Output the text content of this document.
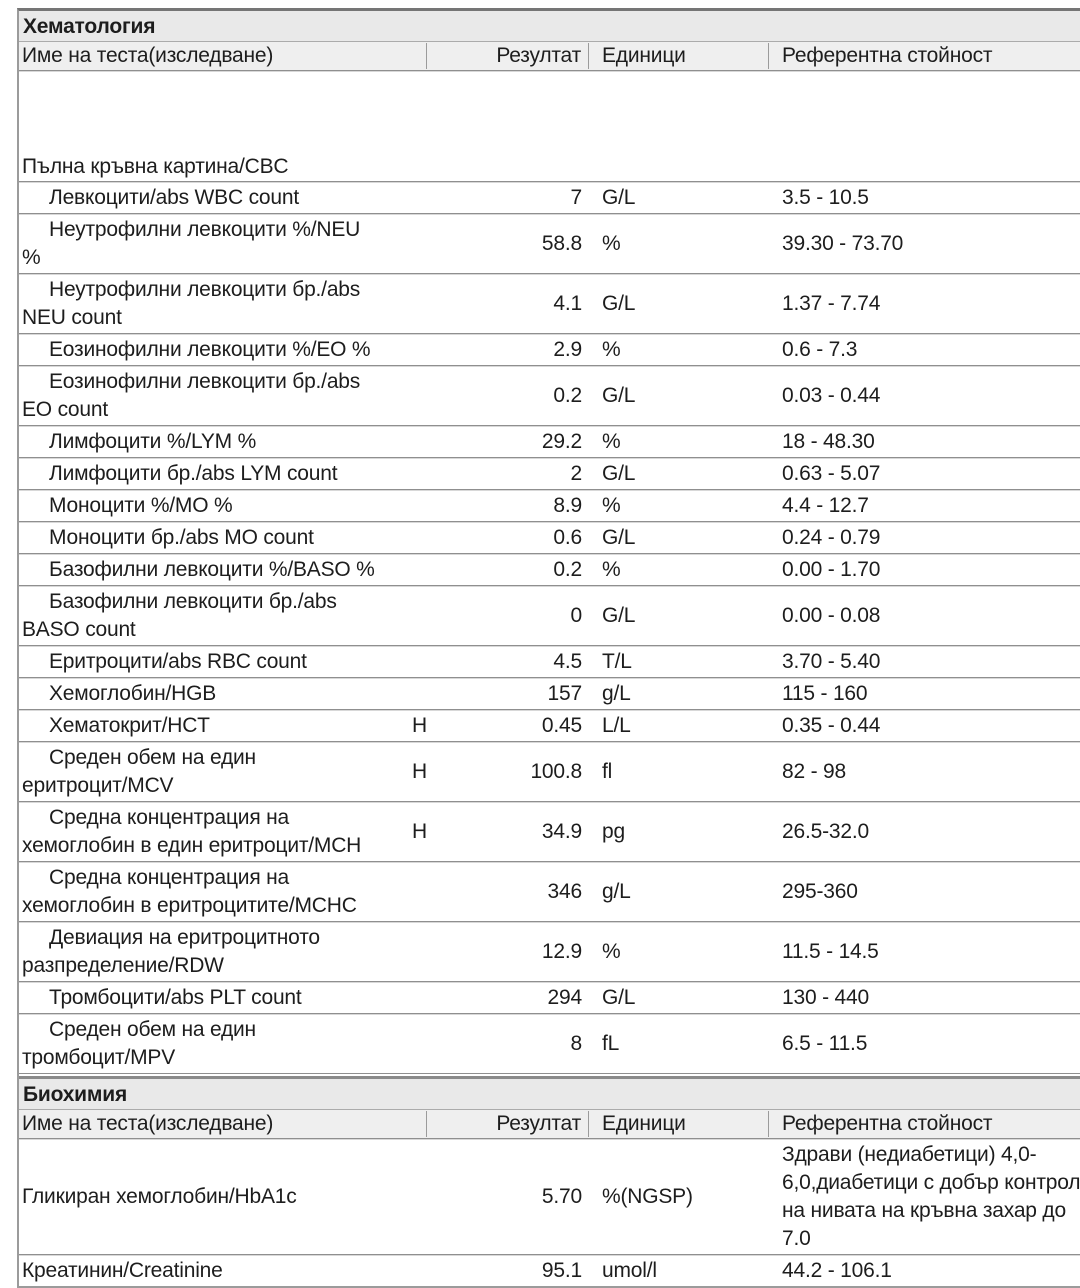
Хематология
Име на теста(изследване)	Резултат	Единици	Референтна стойност
Пълна кръвна картина/CBC				

Левкоцити/abs WBC count		7	G/L	3.5 - 10.5

Неутрофилни левкоцити %/NEU
%		58.8	%	39.30 - 73.70

Неутрофилни левкоцити бр./abs
NEU count		4.1	G/L	1.37 - 7.74

Еозинофилни левкоцити %/EO %		2.9	%	0.6 - 7.3

Еозинофилни левкоцити бр./abs
EO count		0.2	G/L	0.03 - 0.44

Лимфоцити %/LYM %		29.2	%	18 - 48.30

Лимфоцити бр./abs LYM count		2	G/L	0.63 - 5.07

Моноцити %/MO %		8.9	%	4.4 - 12.7

Моноцити бр./abs MO count		0.6	G/L	0.24 - 0.79

Базофилни левкоцити %/BASO %		0.2	%	0.00 - 1.70

Базофилни левкоцити бр./abs
BASO count		0	G/L	0.00 - 0.08

Еритроцити/abs RBC count		4.5	T/L	3.70 - 5.40

Хемоглобин/HGB		157	g/L	115 - 160

Хематокрит/HCT	H	0.45	L/L	0.35 - 0.44

Среден обем на един
еритроцит/MCV	H	100.8	fl	82 - 98

Средна концентрация на
хемоглобин в един еритроцит/MCH	H	34.9	pg	26.5-32.0

Средна концентрация на
хемоглобин в еритроцитите/MCHC		346	g/L	295-360

Девиация на еритроцитното
разпределение/RDW		12.9	%	11.5 - 14.5

Тромбоцити/abs PLT count		294	G/L	130 - 440

Среден обем на един
тромбоцит/MPV		8	fL	6.5 - 11.5
Биохимия
Име на теста(изследване)	Резултат	Единици	Референтна стойност
Гликиран хемоглобин/HbA1c		5.70	%(NGSP)	Здрави (недиабетици) 4,0-
6,0,диабетици с добър контрол
на нивата на кръвна захар до
7.0

Креатинин/Creatinine		95.1	umol/l	44.2 - 106.1
